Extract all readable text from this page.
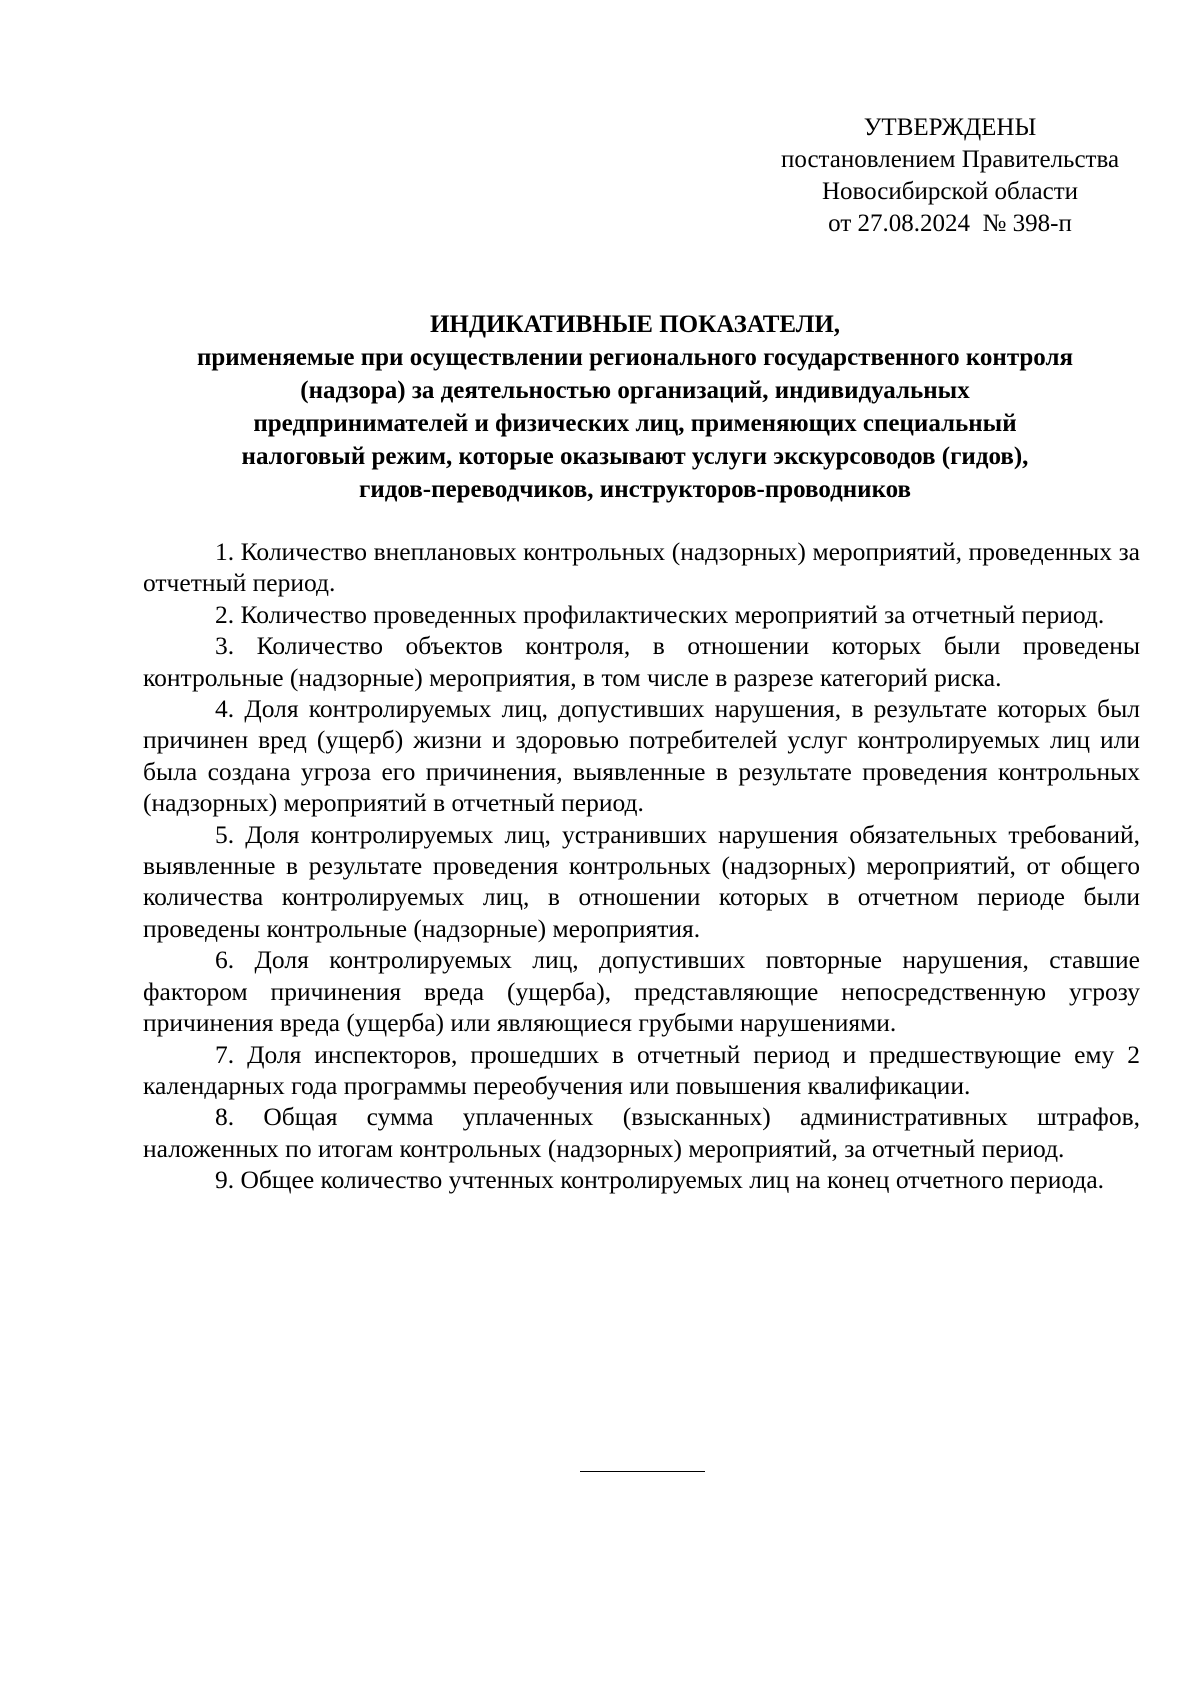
УТВЕРЖДЕНЫ
постановлением Правительства
Новосибирской области
от 27.08.2024  № 398-п
ИНДИКАТИВНЫЕ ПОКАЗАТЕЛИ,
применяемые при осуществлении регионального государственного контроля
(надзора) за деятельностью организаций, индивидуальных
предпринимателей и физических лиц, применяющих специальный
налоговый режим, которые оказывают услуги экскурсоводов (гидов),
гидов-переводчиков, инструкторов-проводников

1. Количество внеплановых контрольных (надзорных) мероприятий, проведенных за отчетный период.

2. Количество проведенных профилактических мероприятий за отчетный период.

3. Количество объектов контроля, в отношении которых были проведены контрольные (надзорные) мероприятия, в том числе в разрезе категорий риска.

4. Доля контролируемых лиц, допустивших нарушения, в результате которых был причинен вред (ущерб) жизни и здоровью потребителей услуг контролируемых лиц или была создана угроза его причинения, выявленные в результате проведения контрольных (надзорных) мероприятий в отчетный период.

5. Доля контролируемых лиц, устранивших нарушения обязательных требований, выявленные в результате проведения контрольных (надзорных) мероприятий, от общего количества контролируемых лиц, в отношении которых в отчетном периоде были проведены контрольные (надзорные) мероприятия.

6. Доля контролируемых лиц, допустивших повторные нарушения, ставшие фактором причинения вреда (ущерба), представляющие непосредственную угрозу причинения вреда (ущерба) или являющиеся грубыми нарушениями.

7. Доля инспекторов, прошедших в отчетный период и предшествующие ему 2 календарных года программы переобучения или повышения квалификации.

8. Общая сумма уплаченных (взысканных) административных штрафов, наложенных по итогам контрольных (надзорных) мероприятий, за отчетный период.

9. Общее количество учтенных контролируемых лиц на конец отчетного периода.
